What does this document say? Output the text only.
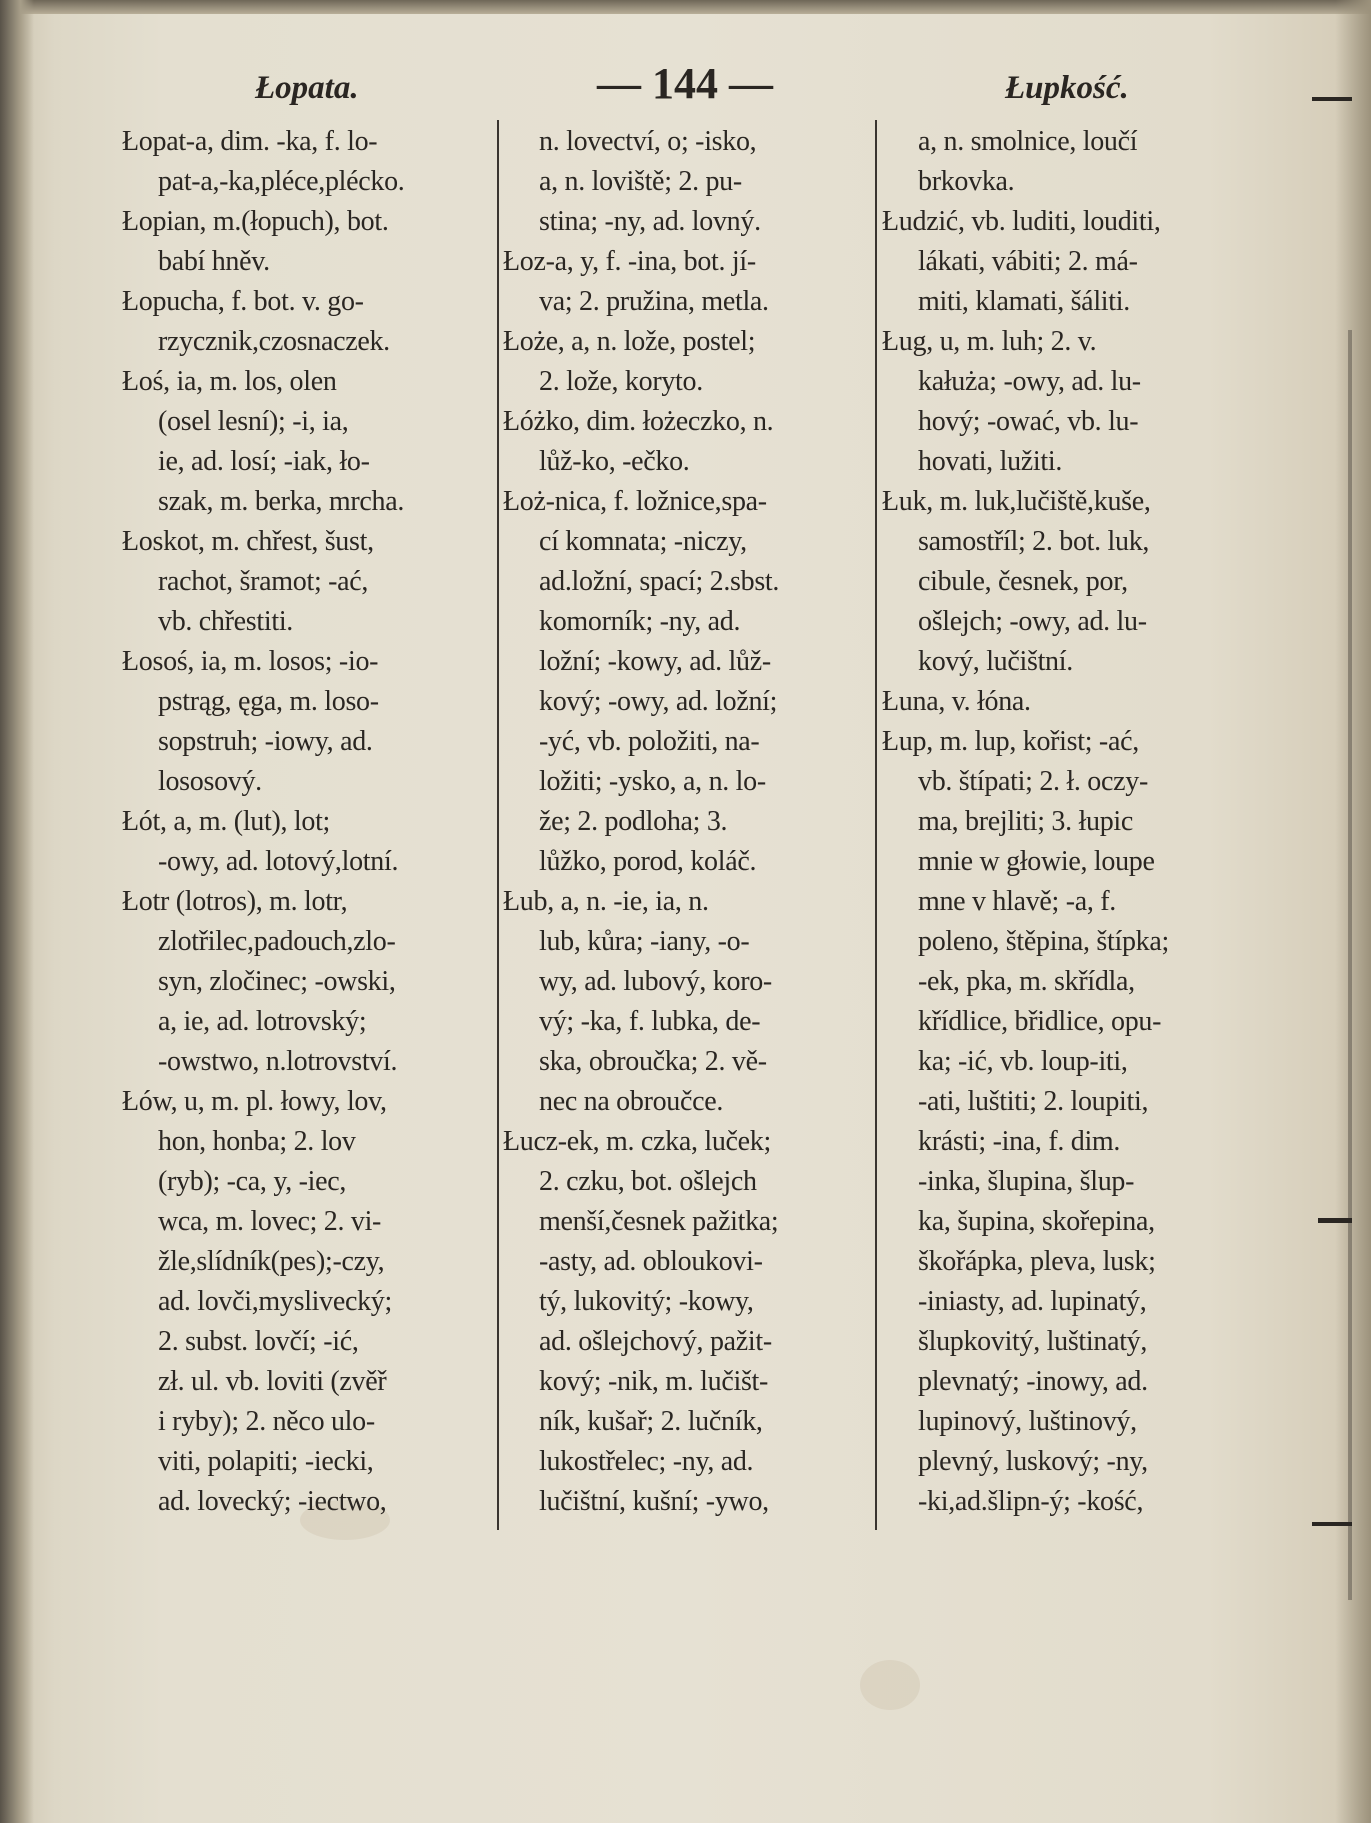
Łopata.	— 144 —	Łupkość.
Łopat-a, dim. -ka, f. lo-
pat-a,-ka,pléce,plécko.
Łopian, m.(łopuch), bot.
babí hněv.
Łopucha, f. bot. v. go-
rzycznik,czosnaczek.
Łoś, ia, m. los, olen
(osel lesní); -i, ia,
ie, ad. losí; -iak, ło-
szak, m. berka, mrcha.
Łoskot, m. chřest, šust,
rachot, šramot; -ać,
vb. chřestiti.
Łosoś, ia, m. losos; -io-
pstrąg, ęga, m. loso-
sopstruh; -iowy, ad.
lososový.
Łót, a, m. (lut), lot;
-owy, ad. lotový,lotní.
Łotr (lotros), m. lotr,
zlotřilec,padouch,zlo-
syn, zločinec; -owski,
a, ie, ad. lotrovský;
-owstwo, n.lotrovství.
Łów, u, m. pl. łowy, lov,
hon, honba; 2. lov
(ryb); -ca, y, -iec,
wca, m. lovec; 2. vi-
žle,slídník(pes);-czy,
ad. lovči,myslivecký;
2. subst. lovčí; -ić,
zł. ul. vb. loviti (zvěř
i ryby); 2. něco ulo-
viti, polapiti; -iecki,
ad. lovecký; -iectwo,
n. lovectví, o; -isko,
a, n. loviště; 2. pu-
stina; -ny, ad. lovný.
Łoz-a, y, f. -ina, bot. jí-
va; 2. pružina, metla.
Łoże, a, n. lože, postel;
2. lože, koryto.
Łóżko, dim. łożeczko, n.
lůž-ko, -ečko.
Łoż-nica, f. ložnice,spa-
cí komnata; -niczy,
ad.ložní, spací; 2.sbst.
komorník; -ny, ad.
ložní; -kowy, ad. lůž-
kový; -owy, ad. ložní;
-yć, vb. položiti, na-
ložiti; -ysko, a, n. lo-
že; 2. podloha; 3.
lůžko, porod, koláč.
Łub, a, n. -ie, ia, n.
lub, kůra; -iany, -o-
wy, ad. lubový, koro-
vý; -ka, f. lubka, de-
ska, obroučka; 2. vě-
nec na obroučce.
Łucz-ek, m. czka, luček;
2. czku, bot. ošlejch
menší,česnek pažitka;
-asty, ad. obloukovi-
tý, lukovitý; -kowy,
ad. ošlejchový, pažit-
kový; -nik, m. lučišt-
ník, kušař; 2. lučník,
lukostřelec; -ny, ad.
lučištní, kušní; -ywo,
a, n. smolnice, loučí
brkovka.
Łudzić, vb. luditi, louditi,
lákati, vábiti; 2. má-
miti, klamati, šáliti.
Ług, u, m. luh; 2. v.
kałuża; -owy, ad. lu-
hový; -ować, vb. lu-
hovati, lužiti.
Łuk, m. luk,lučiště,kuše,
samostříl; 2. bot. luk,
cibule, česnek, por,
ošlejch; -owy, ad. lu-
kový, lučištní.
Łuna, v. łóna.
Łup, m. lup, kořist; -ać,
vb. štípati; 2. ł. oczy-
ma, brejliti; 3. łupic
mnie w głowie, loupe
mne v hlavě; -a, f.
poleno, štěpina, štípka;
-ek, pka, m. skřídla,
křídlice, břidlice, opu-
ka; -ić, vb. loup-iti,
-ati, luštiti; 2. loupiti,
krásti; -ina, f. dim.
-inka, šlupina, šlup-
ka, šupina, skořepina,
škořápka, pleva, lusk;
-iniasty, ad. lupinatý,
šlupkovitý, luštinatý,
plevnatý; -inowy, ad.
lupinový, luštinový,
plevný, luskový; -ny,
-ki,ad.šlipn-ý; -kość,
